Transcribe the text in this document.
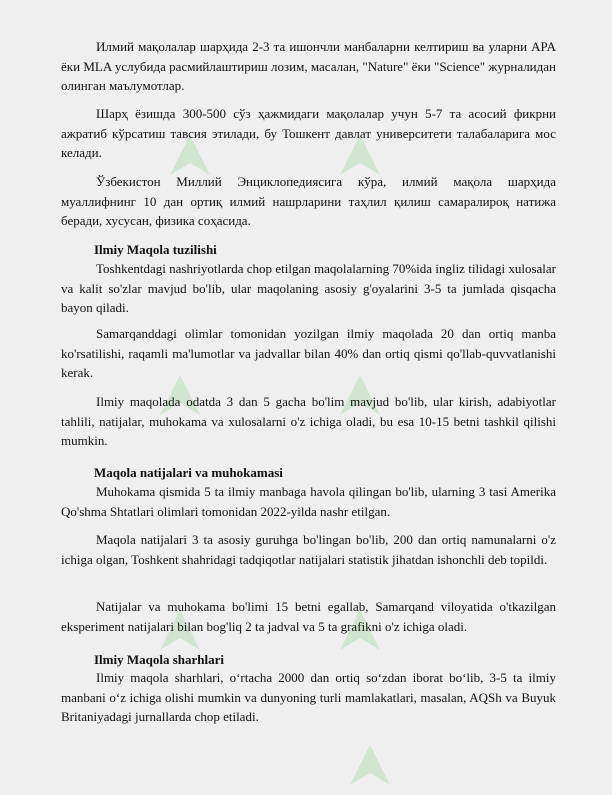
Илмий мақолалар шарҳида 2-3 та ишончли манбаларни келтириш ва уларни APA ёки MLA услубида расмийлаштириш лозим, масалан, "Nature" ёки "Science" журналидан олинган маълумотлар.

Шарҳ ёзишда 300-500 сўз ҳажмидаги мақолалар учун 5-7 та асосий фикрни ажратиб кўрсатиш тавсия этилади, бу Тошкент давлат университети талабаларига мос келади.

Ўзбекистон Миллий Энциклопедиясига кўра, илмий мақола шарҳида муаллифнинг 10 дан ортиқ илмий нашрларини таҳлил қилиш самаралироқ натижа беради, хусусан, физика соҳасида.

Ilmiy Maqola tuzilishi

Toshkentdagi nashriyotlarda chop etilgan maqolalarning 70%ida ingliz tilidagi xulosalar va kalit so'zlar mavjud bo'lib, ular maqolaning asosiy g'oyalarini 3-5 ta jumlada qisqacha bayon qiladi.

Samarqanddagi olimlar tomonidan yozilgan ilmiy maqolada 20 dan ortiq manba ko'rsatilishi, raqamli ma'lumotlar va jadvallar bilan 40% dan ortiq qismi qo'llab-quvvatlanishi kerak.

Ilmiy maqolada odatda 3 dan 5 gacha bo'lim mavjud bo'lib, ular kirish, adabiyotlar tahlili, natijalar, muhokama va xulosalarni o'z ichiga oladi, bu esa 10-15 betni tashkil qilishi mumkin.

Maqola natijalari va muhokamasi

Muhokama qismida 5 ta ilmiy manbaga havola qilingan bo'lib, ularning 3 tasi Amerika Qo'shma Shtatlari olimlari tomonidan 2022-yilda nashr etilgan.

Maqola natijalari 3 ta asosiy guruhga bo'lingan bo'lib, 200 dan ortiq namunalarni o'z ichiga olgan, Toshkent shahridagi tadqiqotlar natijalari statistik jihatdan ishonchli deb topildi.

Natijalar va muhokama bo'limi 15 betni egallab, Samarqand viloyatida o'tkazilgan eksperiment natijalari bilan bog'liq 2 ta jadval va 5 ta grafikni o'z ichiga oladi.

Ilmiy Maqola sharhlari

Ilmiy maqola sharhlari, o‘rtacha 2000 dan ortiq so‘zdan iborat bo‘lib, 3-5 ta ilmiy manbani o‘z ichiga olishi mumkin va dunyoning turli mamlakatlari, masalan, AQSh va Buyuk Britaniyadagi jurnallarda chop etiladi.
